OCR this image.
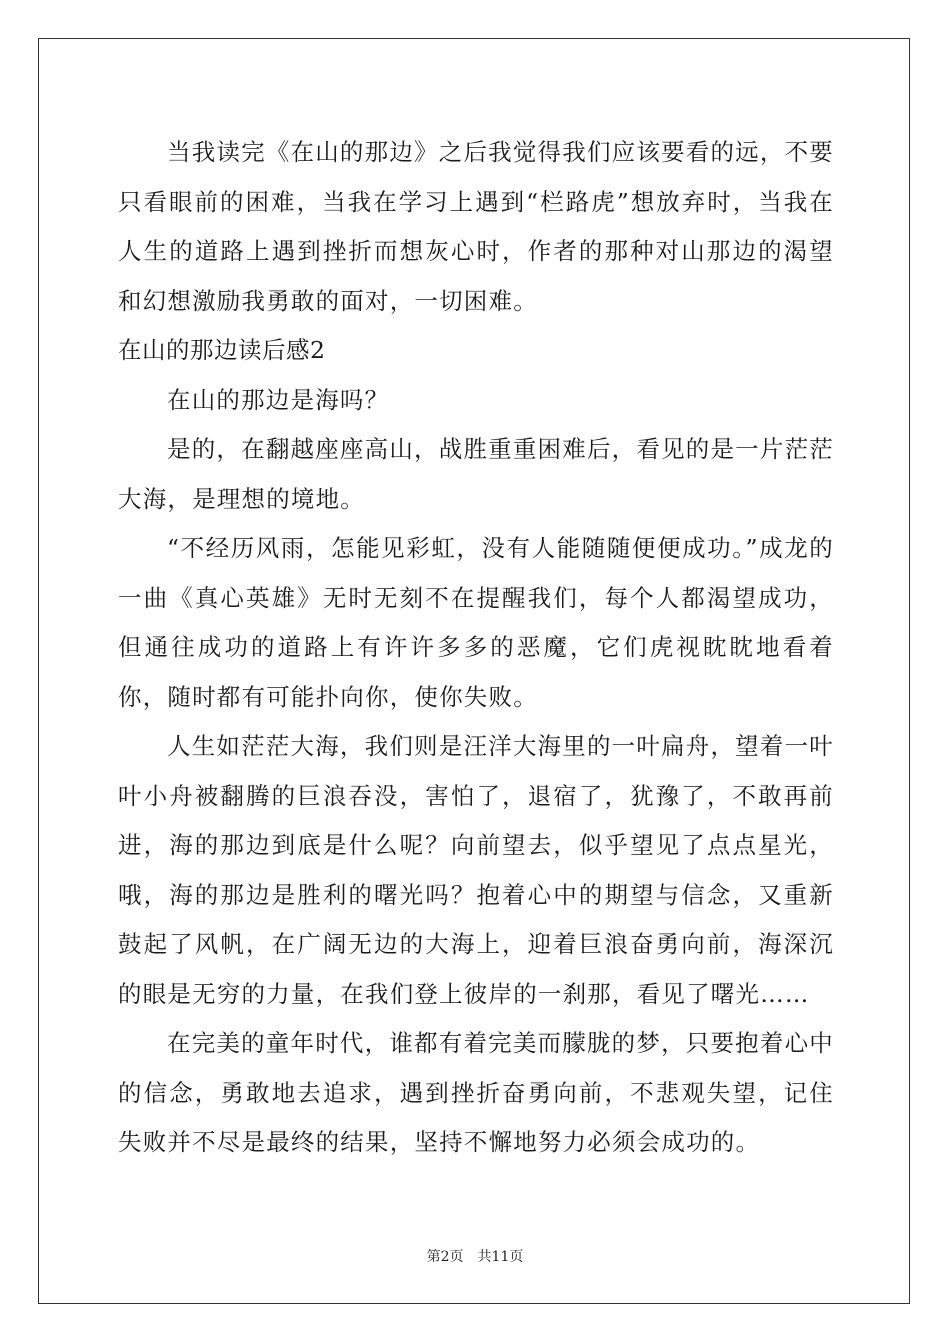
当我读完《在山的那边》之后我觉得我们应该要看的远，不要只看眼前的困难，当我在学习上遇到“栏路虎”想放弃时，当我在人生的道路上遇到挫折而想灰心时，作者的那种对山那边的渴望和幻想激励我勇敢的面对，一切困难。

在山的那边读后感2

在山的那边是海吗？

是的，在翻越座座高山，战胜重重困难后，看见的是一片茫茫大海，是理想的境地。

“不经历风雨，怎能见彩虹，没有人能随随便便成功。”成龙的一曲《真心英雄》无时无刻不在提醒我们，每个人都渴望成功，但通往成功的道路上有许许多多的恶魔，它们虎视眈眈地看着你，随时都有可能扑向你，使你失败。

人生如茫茫大海，我们则是汪洋大海里的一叶扁舟，望着一叶叶小舟被翻腾的巨浪吞没，害怕了，退宿了，犹豫了，不敢再前进，海的那边到底是什么呢？向前望去，似乎望见了点点星光，哦，海的那边是胜利的曙光吗？抱着心中的期望与信念，又重新鼓起了风帆，在广阔无边的大海上，迎着巨浪奋勇向前，海深沉的眼是无穷的力量，在我们登上彼岸的一刹那，看见了曙光……

在完美的童年时代，谁都有着完美而朦胧的梦，只要抱着心中的信念，勇敢地去追求，遇到挫折奋勇向前，不悲观失望，记住失败并不尽是最终的结果，坚持不懈地努力必须会成功的。

第2页 共11页
